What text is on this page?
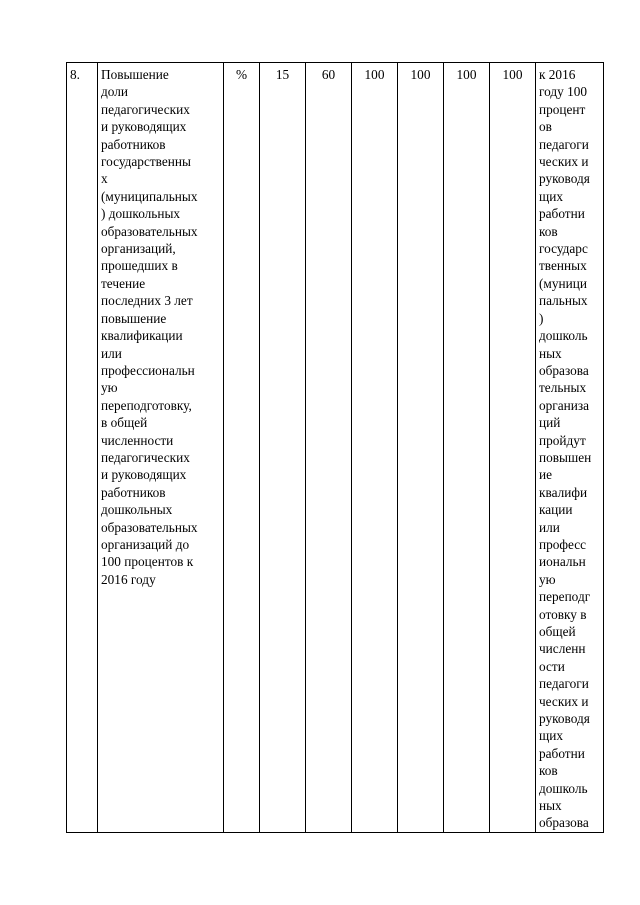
8.	Повышение
доли
педагогических
и руководящих
работников
государственны
х
(муниципальных
) дошкольных
образовательных
организаций,
прошедших в
течение
последних 3 лет
повышение
квалификации
или
профессиональн
ую
переподготовку,
в общей
численности
педагогических
и руководящих
работников
дошкольных
образовательных
организаций до
100 процентов к
2016 году
	%	15	60	100	100	100	100	к 2016
году 100
процент
ов
педагоги
ческих и
руководя
щих
работни
ков
государс
твенных
(муници
пальных
)
дошколь
ных
образова
тельных
организа
ций
пройдут
повышен
ие
квалифи
кации
или
професс
иональн
ую
переподг
отовку в
общей
численн
ости
педагоги
ческих и
руководя
щих
работни
ков
дошколь
ных
образова
